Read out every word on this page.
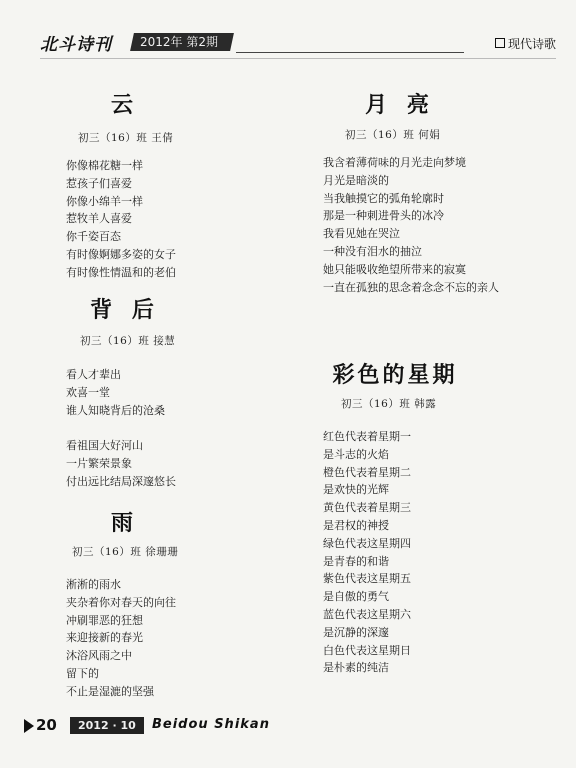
北斗诗刊	2012年 第2期	现代诗歌
云

初三（16）班 王倩

你像棉花糖一样

惹孩子们喜爱

你像小绵羊一样

惹牧羊人喜爱

你千姿百态

有时像婀娜多姿的女子

有时像性情温和的老伯

背 后

初三（16）班 接慧

看人才辈出

欢喜一堂

谁人知晓背后的沧桑

看祖国大好河山

一片繁荣景象

付出远比结局深邃悠长

雨

初三（16）班 徐珊珊

淅淅的雨水

夹杂着你对春天的向往

冲刷罪恶的狂想

来迎接新的春光

沐浴风雨之中

留下的

不止是湿漉的坚强

月 亮

初三（16）班 何娟

我含着薄荷味的月光走向梦境

月光是暗淡的

当我触摸它的弧角轮廓时

那是一种刺进骨头的冰冷

我看见她在哭泣

一种没有泪水的抽泣

她只能吸收绝望所带来的寂寞

一直在孤独的思念着念念不忘的亲人

彩色的星期

初三（16）班 韩露

红色代表着星期一

是斗志的火焰

橙色代表着星期二

是欢快的光辉

黄色代表着星期三

是君权的神授

绿色代表这星期四

是青春的和谐

紫色代表这星期五

是自傲的勇气

蓝色代表这星期六

是沉静的深邃

白色代表这星期日

是朴素的纯洁

20	2012 · 10	Beidou Shikan
